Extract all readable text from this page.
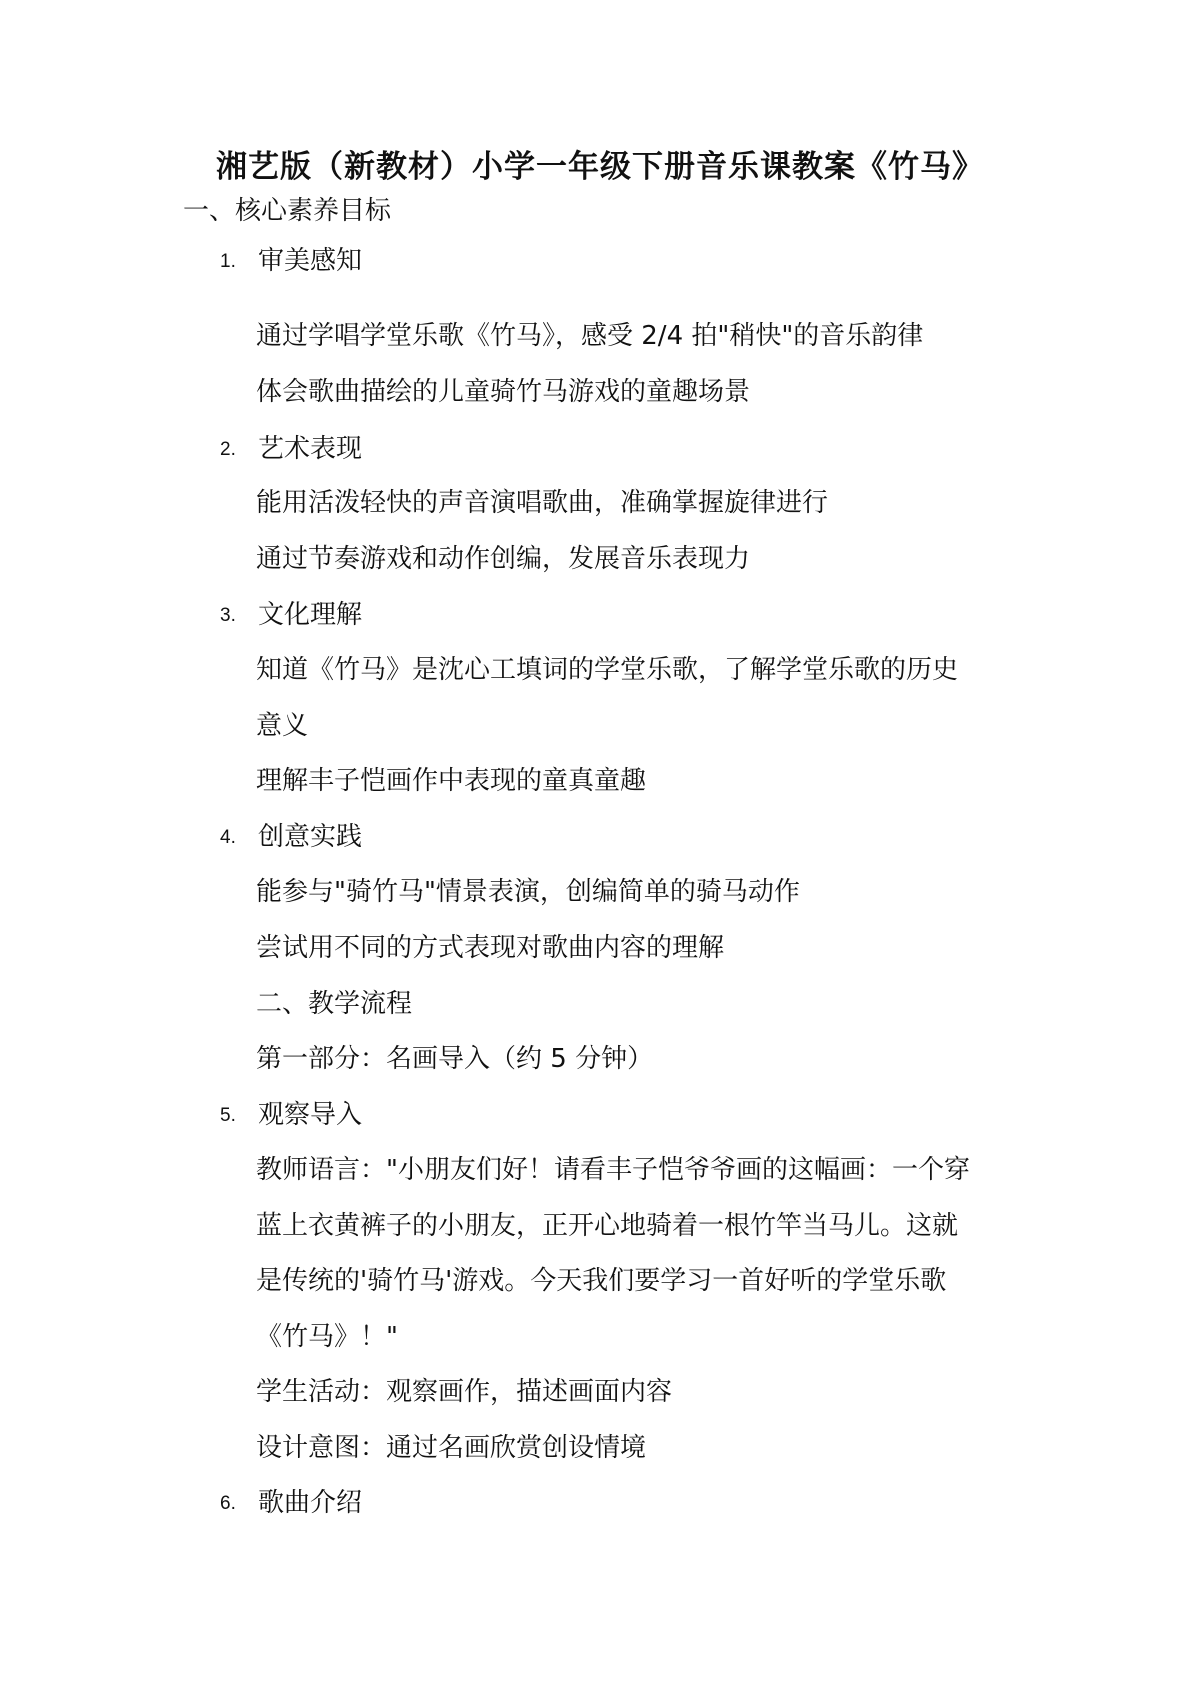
湘艺版（新教材）小学一年级下册音乐课教案《竹马》
一、核心素养目标
1. 审美感知
通过学唱学堂乐歌《竹马》，感受 2/4 拍"稍快"的音乐韵律
体会歌曲描绘的儿童骑竹马游戏的童趣场景
2. 艺术表现
能用活泼轻快的声音演唱歌曲，准确掌握旋律进行
通过节奏游戏和动作创编，发展音乐表现力
3. 文化理解
知道《竹马》是沈心工填词的学堂乐歌，了解学堂乐歌的历史
意义
理解丰子恺画作中表现的童真童趣
4. 创意实践
能参与"骑竹马"情景表演，创编简单的骑马动作
尝试用不同的方式表现对歌曲内容的理解
二、教学流程
第一部分：名画导入（约 5 分钟）
5. 观察导入
教师语言："小朋友们好！请看丰子恺爷爷画的这幅画：一个穿
蓝上衣黄裤子的小朋友，正开心地骑着一根竹竿当马儿。这就
是传统的'骑竹马'游戏。今天我们要学习一首好听的学堂乐歌
《竹马》！"
学生活动：观察画作，描述画面内容
设计意图：通过名画欣赏创设情境
6. 歌曲介绍
